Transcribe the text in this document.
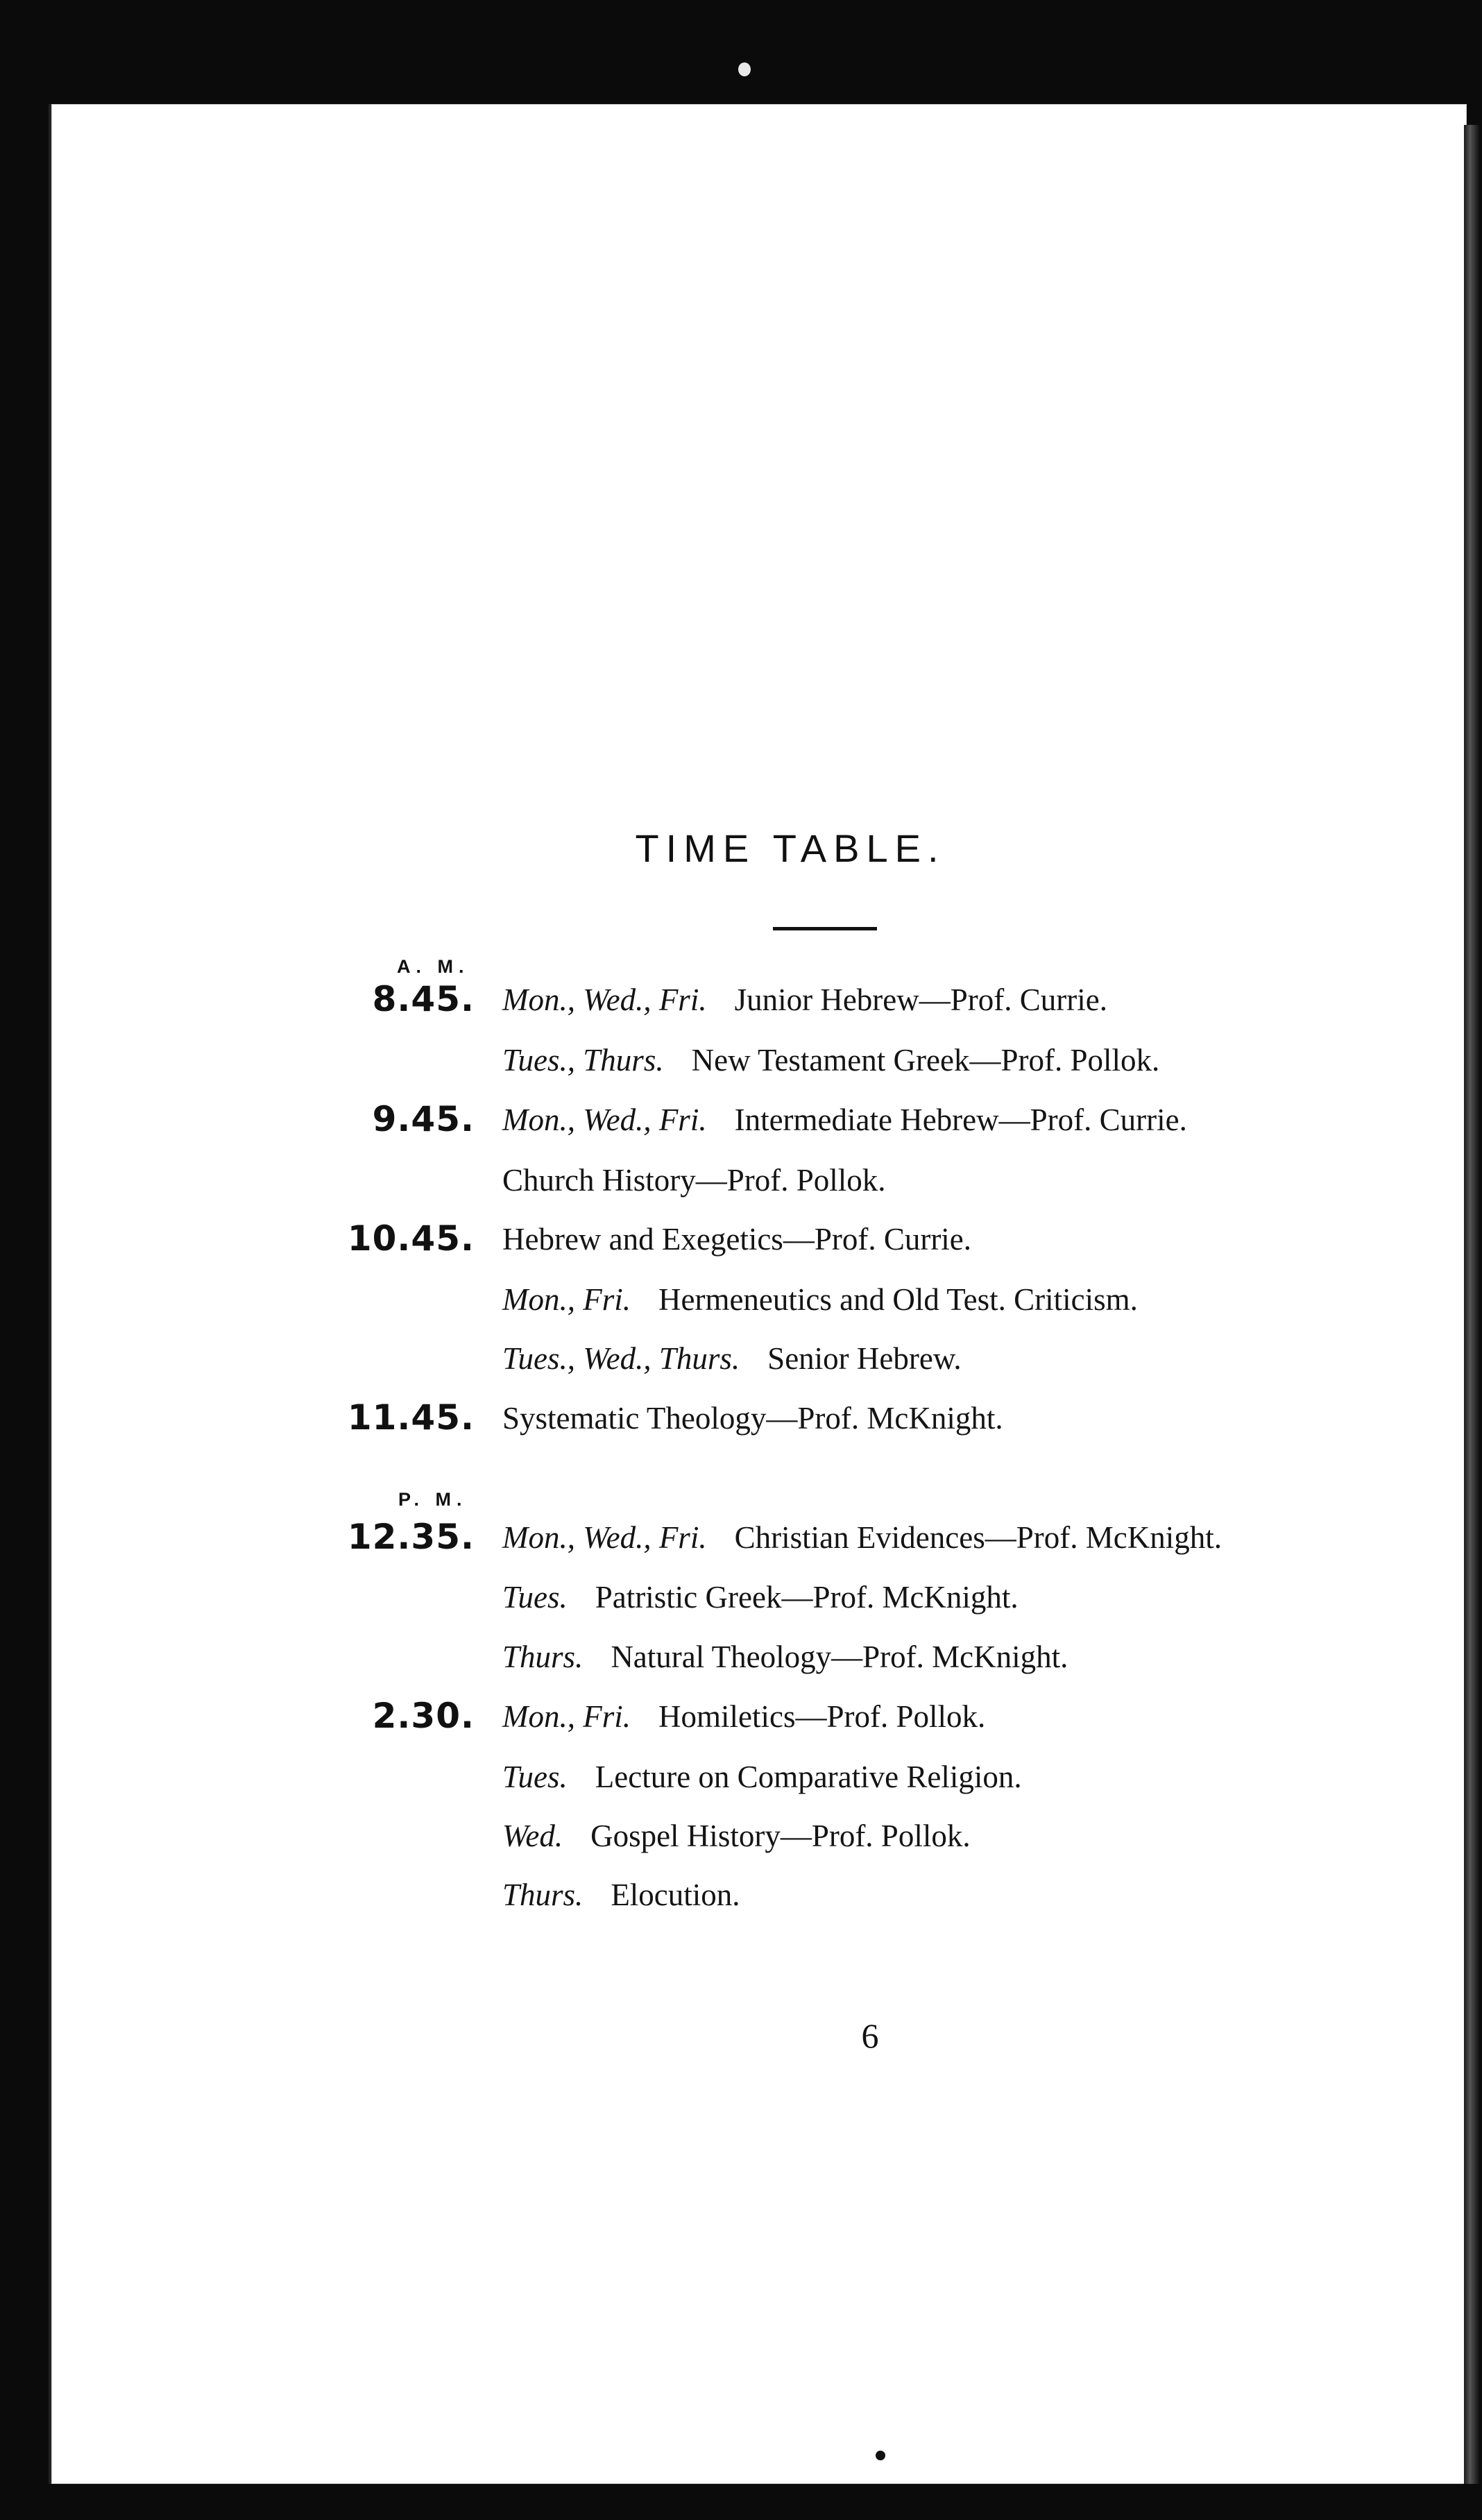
TIME TABLE.
A. M.
P. M.
8.45. Mon., Wed., Fri. Junior Hebrew—Prof. Currie.
Tues., Thurs. New Testament Greek—Prof. Pollok.
9.45. Mon., Wed., Fri. Intermediate Hebrew—Prof. Currie.
Church History—Prof. Pollok.
10.45. Hebrew and Exegetics—Prof. Currie.
Mon., Fri. Hermeneutics and Old Test. Criticism.
Tues., Wed., Thurs. Senior Hebrew.
11.45. Systematic Theology—Prof. McKnight.
12.35. Mon., Wed., Fri. Christian Evidences—Prof. McKnight.
Tues. Patristic Greek—Prof. McKnight.
Thurs. Natural Theology—Prof. McKnight.
2.30. Mon., Fri. Homiletics—Prof. Pollok.
Tues. Lecture on Comparative Religion.
Wed. Gospel History—Prof. Pollok.
Thurs. Elocution.
6
